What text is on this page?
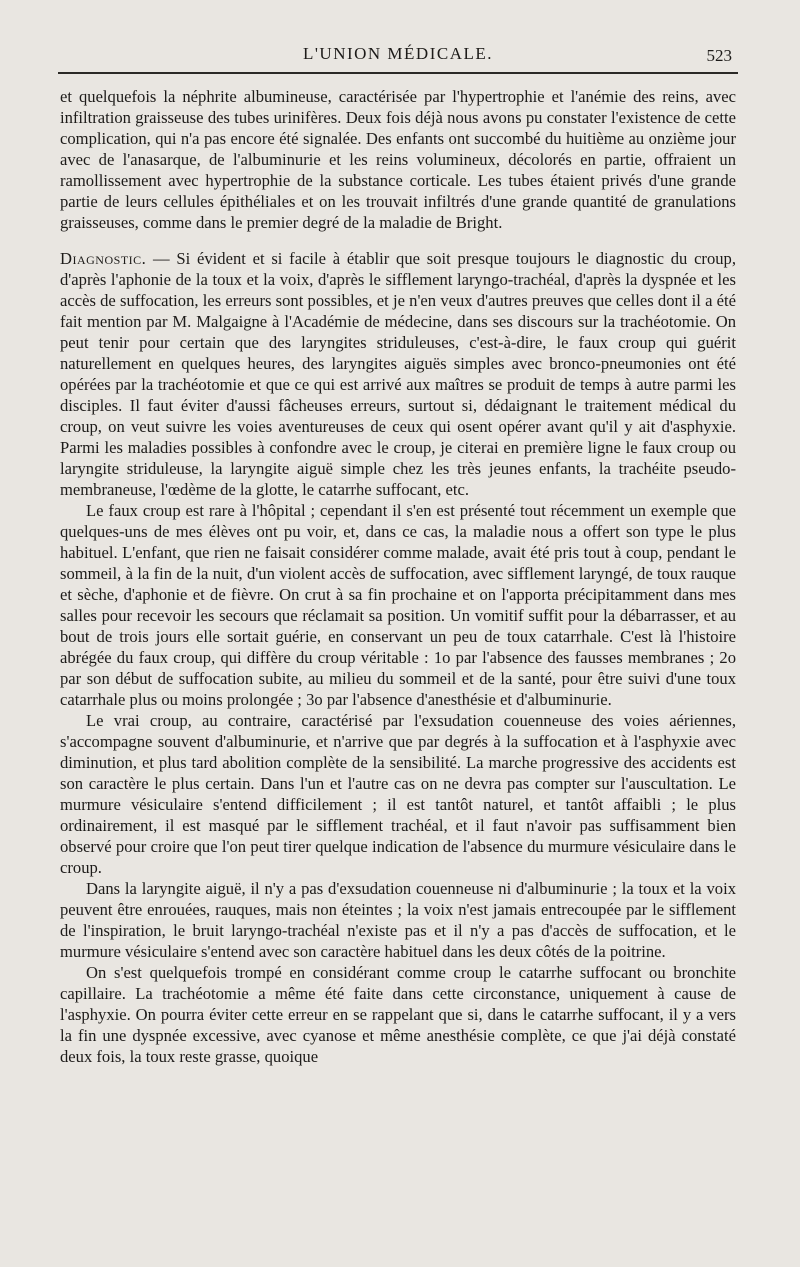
L'UNION MÉDICALE.	523

et quelquefois la néphrite albumineuse, caractérisée par l'hypertrophie et l'anémie des reins, avec infiltration graisseuse des tubes urinifères. Deux fois déjà nous avons pu constater l'existence de cette complication, qui n'a pas encore été signalée. Des enfants ont succombé du huitième au onzième jour avec de l'anasarque, de l'albuminurie et les reins volumineux, décolorés en partie, offraient un ramollissement avec hypertrophie de la substance corticale. Les tubes étaient privés d'une grande partie de leurs cellules épithéliales et on les trouvait infiltrés d'une grande quantité de granulations graisseuses, comme dans le premier degré de la maladie de Bright.

Diagnostic. — Si évident et si facile à établir que soit presque toujours le diagnostic du croup, d'après l'aphonie de la toux et la voix, d'après le sifflement laryngo-trachéal, d'après la dyspnée et les accès de suffocation, les erreurs sont possibles, et je n'en veux d'autres preuves que celles dont il a été fait mention par M. Malgaigne à l'Académie de médecine, dans ses discours sur la trachéotomie. On peut tenir pour certain que des laryngites striduleuses, c'est-à-dire, le faux croup qui guérit naturellement en quelques heures, des laryngites aiguës simples avec bronco-pneumonies ont été opérées par la trachéotomie et que ce qui est arrivé aux maîtres se produit de temps à autre parmi les disciples. Il faut éviter d'aussi fâcheuses erreurs, surtout si, dédaignant le traitement médical du croup, on veut suivre les voies aventureuses de ceux qui osent opérer avant qu'il y ait d'asphyxie. Parmi les maladies possibles à confondre avec le croup, je citerai en première ligne le faux croup ou laryngite striduleuse, la laryngite aiguë simple chez les très jeunes enfants, la trachéite pseudo-membraneuse, l'œdème de la glotte, le catarrhe suffocant, etc.

Le faux croup est rare à l'hôpital ; cependant il s'en est présenté tout récemment un exemple que quelques-uns de mes élèves ont pu voir, et, dans ce cas, la maladie nous a offert son type le plus habituel. L'enfant, que rien ne faisait considérer comme malade, avait été pris tout à coup, pendant le sommeil, à la fin de la nuit, d'un violent accès de suffocation, avec sifflement laryngé, de toux rauque et sèche, d'aphonie et de fièvre. On crut à sa fin prochaine et on l'apporta précipitamment dans mes salles pour recevoir les secours que réclamait sa position. Un vomitif suffit pour la débarrasser, et au bout de trois jours elle sortait guérie, en conservant un peu de toux catarrhale. C'est là l'histoire abrégée du faux croup, qui diffère du croup véritable : 1o par l'absence des fausses membranes ; 2o par son début de suffocation subite, au milieu du sommeil et de la santé, pour être suivi d'une toux catarrhale plus ou moins prolongée ; 3o par l'absence d'anesthésie et d'albuminurie.

Le vrai croup, au contraire, caractérisé par l'exsudation couenneuse des voies aériennes, s'accompagne souvent d'albuminurie, et n'arrive que par degrés à la suffocation et à l'asphyxie avec diminution, et plus tard abolition complète de la sensibilité. La marche progressive des accidents est son caractère le plus certain. Dans l'un et l'autre cas on ne devra pas compter sur l'auscultation. Le murmure vésiculaire s'entend difficilement ; il est tantôt naturel, et tantôt affaibli ; le plus ordinairement, il est masqué par le sifflement trachéal, et il faut n'avoir pas suffisamment bien observé pour croire que l'on peut tirer quelque indication de l'absence du murmure vésiculaire dans le croup.

Dans la laryngite aiguë, il n'y a pas d'exsudation couenneuse ni d'albuminurie ; la toux et la voix peuvent être enrouées, rauques, mais non éteintes ; la voix n'est jamais entrecoupée par le sifflement de l'inspiration, le bruit laryngo-trachéal n'existe pas et il n'y a pas d'accès de suffocation, et le murmure vésiculaire s'entend avec son caractère habituel dans les deux côtés de la poitrine.

On s'est quelquefois trompé en considérant comme croup le catarrhe suffocant ou bronchite capillaire. La trachéotomie a même été faite dans cette circonstance, uniquement à cause de l'asphyxie. On pourra éviter cette erreur en se rappelant que si, dans le catarrhe suffocant, il y a vers la fin une dyspnée excessive, avec cyanose et même anesthésie complète, ce que j'ai déjà constaté deux fois, la toux reste grasse, quoique
